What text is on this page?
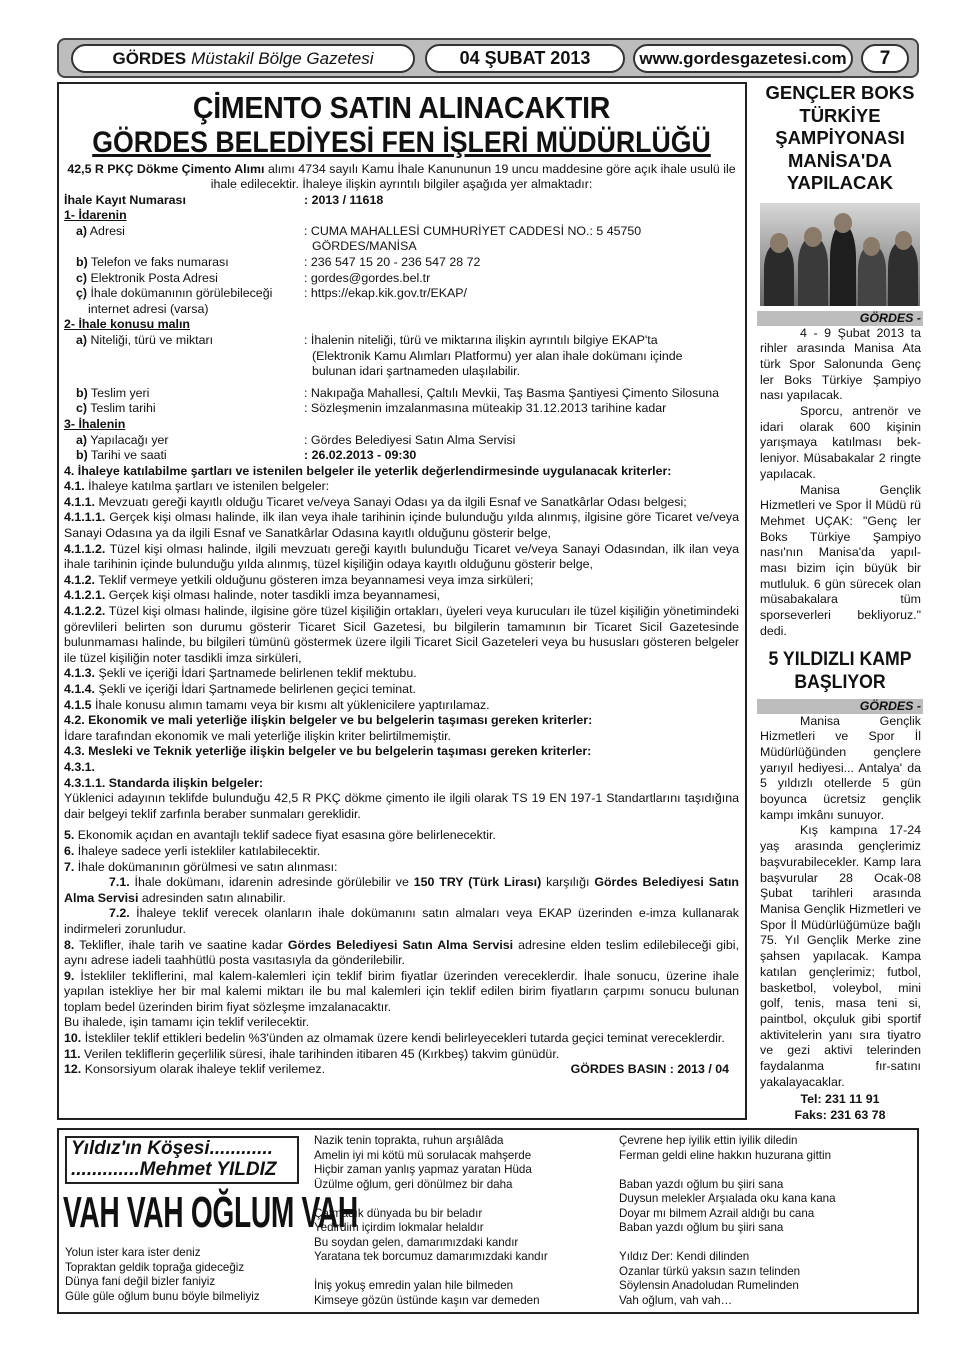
GÖRDES Müstakil Bölge Gazetesi	04 ŞUBAT 2013	www.gordesgazetesi.com	7
ÇİMENTO SATIN ALINACAKTIR
GÖRDES BELEDİYESİ FEN İŞLERİ MÜDÜRLÜĞÜ
42,5 R PKÇ Dökme Çimento Alımı alımı 4734 sayılı Kamu İhale Kanununun 19 uncu maddesine göre açık ihale usulü ile ihale edilecektir. İhaleye ilişkin ayrıntılı bilgiler aşağıda yer almaktadır:
İhale Kayıt Numarası	: 2013 / 11618
1- İdarenin
a) Adresi	: CUMA MAHALLESİ CUMHURİYET CADDESİ NO.: 5 45750
GÖRDES/MANİSA
b) Telefon ve faks numarası	: 236 547 15 20 - 236 547 28 72
c) Elektronik Posta Adresi	: gordes@gordes.bel.tr
ç) İhale dokümanının görülebileceği	: https://ekap.kik.gov.tr/EKAP/
internet adresi (varsa)
2- İhale konusu malın
a) Niteliği, türü ve miktarı	: İhalenin niteliği, türü ve miktarına ilişkin ayrıntılı bilgiye EKAP'ta
(Elektronik Kamu Alımları Platformu) yer alan ihale dokümanı içinde
bulunan idari şartnameden ulaşılabilir.
b) Teslim yeri	: Nakıpağa Mahallesi, Çaltılı Mevkii, Taş Basma Şantiyesi Çimento Silosuna
c) Teslim tarihi	: Sözleşmenin imzalanmasına müteakip 31.12.2013 tarihine kadar
3- İhalenin
a) Yapılacağı yer	: Gördes Belediyesi Satın Alma Servisi
b) Tarihi ve saati	: 26.02.2013 - 09:30
4. İhaleye katılabilme şartları ve istenilen belgeler ile yeterlik değerlendirmesinde uygulanacak kriterler:
4.1. İhaleye katılma şartları ve istenilen belgeler:
4.1.1. Mevzuatı gereği kayıtlı olduğu Ticaret ve/veya Sanayi Odası ya da ilgili Esnaf ve Sanatkârlar Odası belgesi;
4.1.1.1. Gerçek kişi olması halinde, ilk ilan veya ihale tarihinin içinde bulunduğu yılda alınmış, ilgisine göre Ticaret ve/veya Sanayi Odasına ya da ilgili Esnaf ve Sanatkârlar Odasına kayıtlı olduğunu gösterir belge,
4.1.1.2. Tüzel kişi olması halinde, ilgili mevzuatı gereği kayıtlı bulunduğu Ticaret ve/veya Sanayi Odasından, ilk ilan veya ihale tarihinin içinde bulunduğu yılda alınmış, tüzel kişiliğin odaya kayıtlı olduğunu gösterir belge,
4.1.2. Teklif vermeye yetkili olduğunu gösteren imza beyannamesi veya imza sirküleri;
4.1.2.1. Gerçek kişi olması halinde, noter tasdikli imza beyannamesi,
4.1.2.2. Tüzel kişi olması halinde, ilgisine göre tüzel kişiliğin ortakları, üyeleri veya kurucuları ile tüzel kişiliğin yönetimindeki görevlileri belirten son durumu gösterir Ticaret Sicil Gazetesi, bu bilgilerin tamamının bir Ticaret Sicil Gazetesinde bulunmaması halinde, bu bilgileri tümünü göstermek üzere ilgili Ticaret Sicil Gazeteleri veya bu hususları gösteren belgeler ile tüzel kişiliğin noter tasdikli imza sirküleri,
4.1.3. Şekli ve içeriği İdari Şartnamede belirlenen teklif mektubu.
4.1.4. Şekli ve içeriği İdari Şartnamede belirlenen geçici teminat.
4.1.5 İhale konusu alımın tamamı veya bir kısmı alt yüklenicilere yaptırılamaz.
4.2. Ekonomik ve mali yeterliğe ilişkin belgeler ve bu belgelerin taşıması gereken kriterler:
İdare tarafından ekonomik ve mali yeterliğe ilişkin kriter belirtilmemiştir.
4.3. Mesleki ve Teknik yeterliğe ilişkin belgeler ve bu belgelerin taşıması gereken kriterler:
4.3.1.
4.3.1.1. Standarda ilişkin belgeler:
Yüklenici adayının teklifde bulunduğu 42,5 R PKÇ dökme çimento ile ilgili olarak TS 19 EN 197-1 Standartlarını taşıdığına dair belgeyi teklif zarfınla beraber sunmaları gereklidir.
5. Ekonomik açıdan en avantajlı teklif sadece fiyat esasına göre belirlenecektir.
6. İhaleye sadece yerli istekliler katılabilecektir.
7. İhale dokümanının görülmesi ve satın alınması:
7.1. İhale dokümanı, idarenin adresinde görülebilir ve 150 TRY (Türk Lirası) karşılığı Gördes Belediyesi Satın Alma Servisi adresinden satın alınabilir.
7.2. İhaleye teklif verecek olanların ihale dokümanını satın almaları veya EKAP üzerinden e-imza kullanarak indirmeleri zorunludur.
8. Teklifler, ihale tarih ve saatine kadar Gördes Belediyesi Satın Alma Servisi adresine elden teslim edilebileceği gibi, aynı adrese iadeli taahhütlü posta vasıtasıyla da gönderilebilir.
9. İstekliler tekliflerini, mal kalem-kalemleri için teklif birim fiyatlar üzerinden vereceklerdir. İhale sonucu, üzerine ihale yapılan istekliye her bir mal kalemi miktarı ile bu mal kalemleri için teklif edilen birim fiyatların çarpımı sonucu bulunan toplam bedel üzerinden birim fiyat sözleşme imzalanacaktır.
Bu ihalede, işin tamamı için teklif verilecektir.
10. İstekliler teklif ettikleri bedelin %3'ünden az olmamak üzere kendi belirleyecekleri tutarda geçici teminat vereceklerdir.
11. Verilen tekliflerin geçerlilik süresi, ihale tarihinden itibaren 45 (Kırkbeş) takvim günüdür.
12. Konsorsiyum olarak ihaleye teklif verilemez.	GÖRDES BASIN : 2013 / 04
GENÇLER BOKS TÜRKİYE ŞAMPİYONASI MANİSA'DA YAPILACAK
GÖRDES -

4 - 9 Şubat 2013 ta rihler arasında Manisa Ata türk Spor Salonunda Genç ler Boks Türkiye Şampiyo nası yapılacak.

Sporcu, antrenör ve idari olarak 600 kişinin yarışmaya katılması bek-leniyor. Müsabakalar 2 ringte yapılacak.

Manisa Gençlik Hizmetleri ve Spor İl Müdü rü Mehmet UÇAK: "Genç ler Boks Türkiye Şampiyo nası'nın Manisa'da yapıl-ması bizim için büyük bir mutluluk. 6 gün sürecek olan müsabakalara tüm sporseverleri bekliyoruz." dedi.

5 YILDIZLI KAMP BAŞLIYOR
GÖRDES -

Manisa Gençlik Hizmetleri ve Spor İl Müdürlüğünden gençlere yarıyıl hediyesi... Antalya' da 5 yıldızlı otellerde 5 gün boyunca ücretsiz gençlik kampı imkânı sunuyor.

Kış kampına 17-24 yaş arasında gençlerimiz başvurabilecekler. Kamp lara başvurular 28 Ocak-08 Şubat tarihleri arasında Manisa Gençlik Hizmetleri ve Spor İl Müdürlüğümüze bağlı 75. Yıl Gençlik Merke zine şahsen yapılacak. Kampa katılan gençlerimiz; futbol, basketbol, voleybol, mini golf, tenis, masa teni si, paintbol, okçuluk gibi sportif aktivitelerin yanı sıra tiyatro ve gezi aktivi telerinden faydalanma fır-satını yakalayacaklar.

Tel: 231 11 91
Faks: 231 63 78
Yıldız'ın Köşesi............
.............Mehmet YILDIZ
VAH VAH OĞLUM VAH
Yolun ister kara ister deniz
Topraktan geldik toprağa gideceğiz
Dünya fani değil bizler faniyiz
Güle güle oğlum bunu böyle bilmeliyiz
Nazik tenin toprakta, ruhun arşıâlâda
Amelin iyi mi kötü mü sorulacak mahşerde
Hiçbir zaman yanlış yapmaz yaratan Hüda
Üzülme oğlum, geri dönülmez bir daha
Çatmadık dünyada bu bir beladır
Yedirdim içirdim lokmalar helaldır
Bu soydan gelen, damarımızdaki kandır
Yaratana tek borcumuz damarımızdaki kandır
İniş yokuş emredin yalan hile bilmeden
Kimseye gözün üstünde kaşın var demeden
Çevrene hep iyilik ettin iyilik diledin
Ferman geldi eline hakkın huzurana gittin
Baban yazdı oğlum bu şiiri sana
Duysun melekler Arşıalada oku kana kana
Doyar mı bilmem Azrail aldığı bu cana
Baban yazdı oğlum bu şiiri sana
Yıldız Der: Kendi dilinden
Ozanlar türkü yaksın sazın telinden
Söylensin Anadoludan Rumelinden
Vah oğlum, vah vah…
